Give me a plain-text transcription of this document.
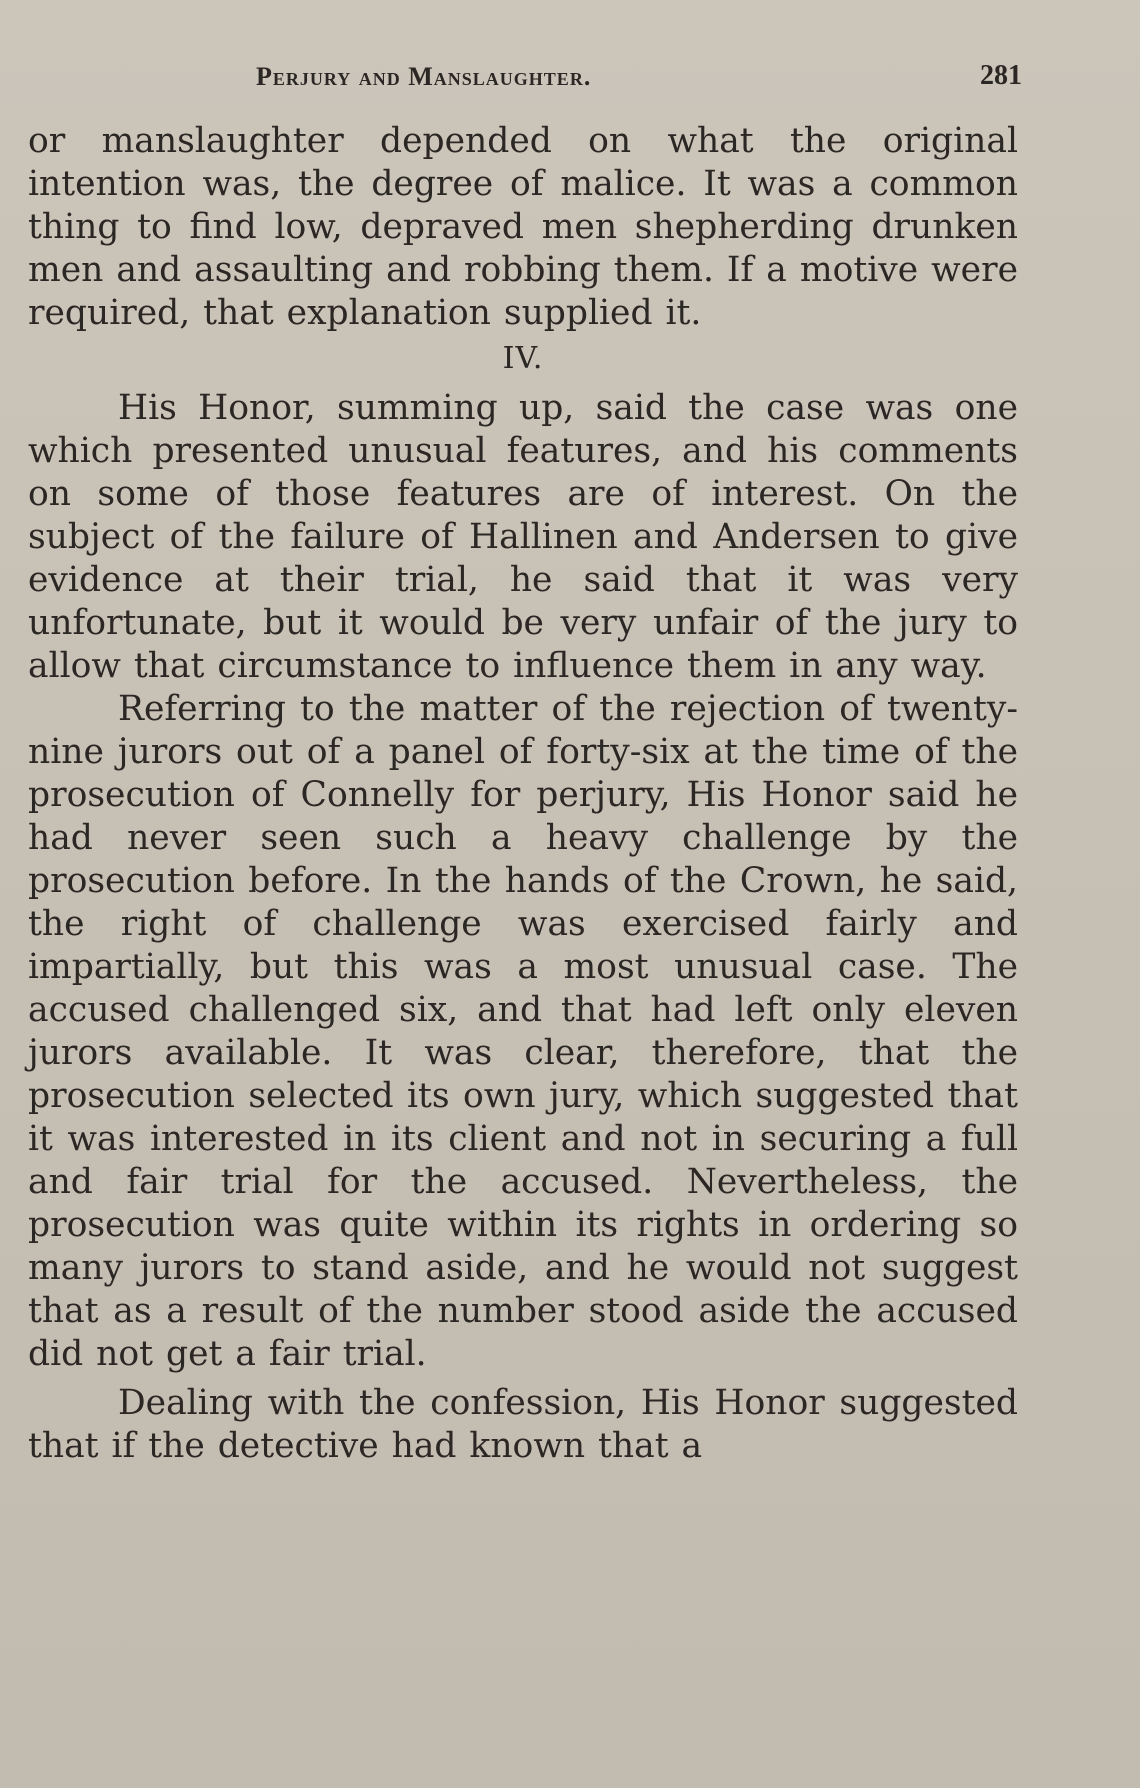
Perjury and Manslaughter.	281

or manslaughter depended on what the original intention was, the degree of malice. It was a common thing to find low, depraved men shepherding drunken men and assaulting and robbing them. If a motive were required, that explanation supplied it.

IV.

His Honor, summing up, said the case was one which presented unusual features, and his comments on some of those features are of interest. On the subject of the failure of Hallinen and Andersen to give evidence at their trial, he said that it was very unfortunate, but it would be very unfair of the jury to allow that circumstance to influence them in any way.

Referring to the matter of the rejection of twenty-nine jurors out of a panel of forty-six at the time of the prosecution of Connelly for perjury, His Honor said he had never seen such a heavy challenge by the prosecution before. In the hands of the Crown, he said, the right of challenge was exercised fairly and impartially, but this was a most unusual case. The accused challenged six, and that had left only eleven jurors available. It was clear, therefore, that the prosecution selected its own jury, which suggested that it was interested in its client and not in securing a full and fair trial for the accused. Nevertheless, the prosecution was quite within its rights in ordering so many jurors to stand aside, and he would not suggest that as a result of the number stood aside the accused did not get a fair trial.

Dealing with the confession, His Honor suggested that if the detective had known that a
